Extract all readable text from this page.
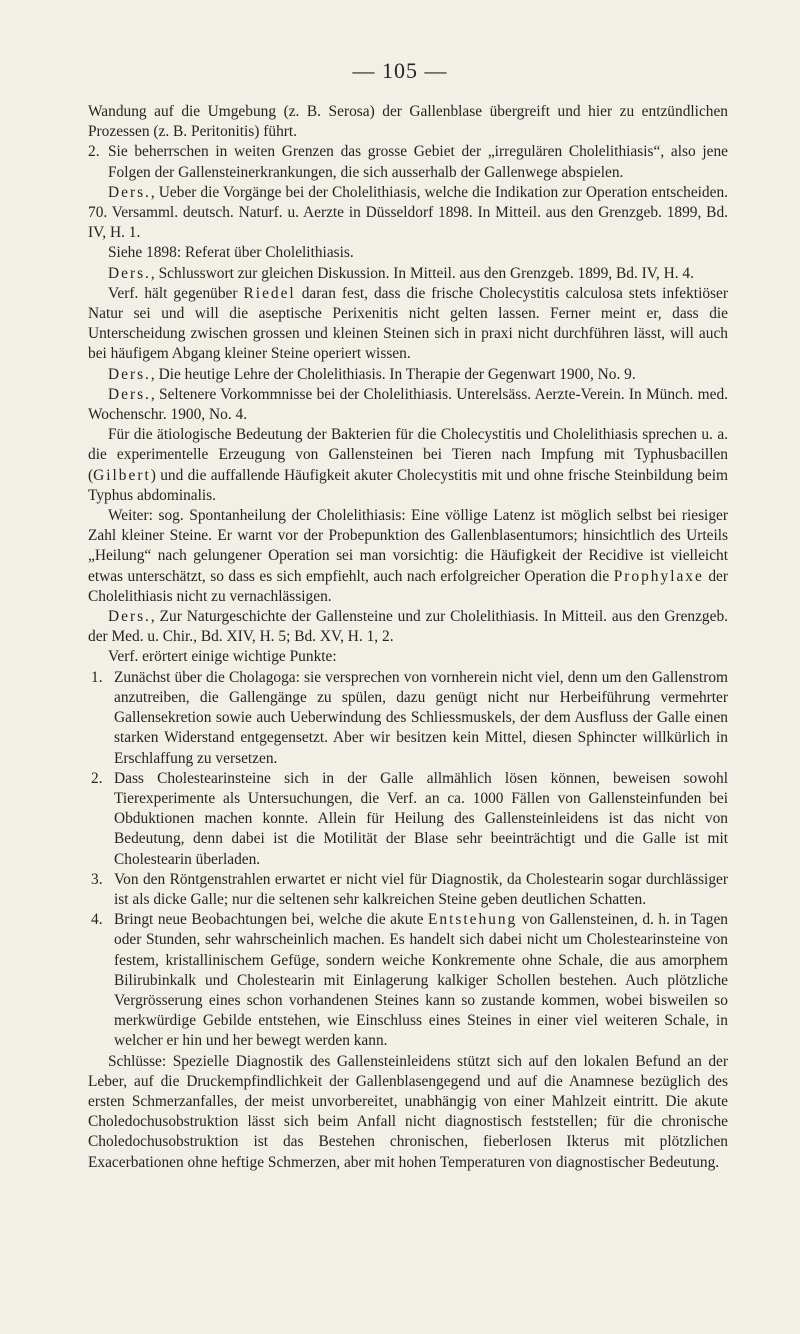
— 105 —

Wandung auf die Umgebung (z. B. Serosa) der Gallenblase übergreift und hier zu entzündlichen Prozessen (z. B. Peritonitis) führt.

2. Sie beherrschen in weiten Grenzen das grosse Gebiet der „irregulären Cholelithiasis“, also jene Folgen der Gallensteinerkrankungen, die sich ausserhalb der Gallenwege abspielen.

Ders., Ueber die Vorgänge bei der Cholelithiasis, welche die Indikation zur Operation entscheiden. 70. Versamml. deutsch. Naturf. u. Aerzte in Düsseldorf 1898. In Mitteil. aus den Grenzgeb. 1899, Bd. IV, H. 1.

Siehe 1898: Referat über Cholelithiasis.

Ders., Schlusswort zur gleichen Diskussion. In Mitteil. aus den Grenzgeb. 1899, Bd. IV, H. 4.

Verf. hält gegenüber Riedel daran fest, dass die frische Cholecystitis calculosa stets infektiöser Natur sei und will die aseptische Perixenitis nicht gelten lassen. Ferner meint er, dass die Unterscheidung zwischen grossen und kleinen Steinen sich in praxi nicht durchführen lässt, will auch bei häufigem Abgang kleiner Steine operiert wissen.

Ders., Die heutige Lehre der Cholelithiasis. In Therapie der Gegenwart 1900, No. 9.

Ders., Seltenere Vorkommnisse bei der Cholelithiasis. Unterelsäss. Aerzte-Verein. In Münch. med. Wochenschr. 1900, No. 4.

Für die ätiologische Bedeutung der Bakterien für die Cholecystitis und Cholelithiasis sprechen u. a. die experimentelle Erzeugung von Gallensteinen bei Tieren nach Impfung mit Typhusbacillen (Gilbert) und die auffallende Häufigkeit akuter Cholecystitis mit und ohne frische Steinbildung beim Typhus abdominalis.

Weiter: sog. Spontanheilung der Cholelithiasis: Eine völlige Latenz ist möglich selbst bei riesiger Zahl kleiner Steine. Er warnt vor der Probepunktion des Gallenblasentumors; hinsichtlich des Urteils „Heilung“ nach gelungener Operation sei man vorsichtig: die Häufigkeit der Recidive ist vielleicht etwas unterschätzt, so dass es sich empfiehlt, auch nach erfolgreicher Operation die Prophylaxe der Cholelithiasis nicht zu vernachlässigen.

Ders., Zur Naturgeschichte der Gallensteine und zur Cholelithiasis. In Mitteil. aus den Grenzgeb. der Med. u. Chir., Bd. XIV, H. 5; Bd. XV, H. 1, 2.

Verf. erörtert einige wichtige Punkte:

1. Zunächst über die Cholagoga: sie versprechen von vornherein nicht viel, denn um den Gallenstrom anzutreiben, die Gallengänge zu spülen, dazu genügt nicht nur Herbeiführung vermehrter Gallensekretion sowie auch Ueberwindung des Schliessmuskels, der dem Ausfluss der Galle einen starken Widerstand entgegensetzt. Aber wir besitzen kein Mittel, diesen Sphincter willkürlich in Erschlaffung zu versetzen.

2. Dass Cholestearinsteine sich in der Galle allmählich lösen können, beweisen sowohl Tierexperimente als Untersuchungen, die Verf. an ca. 1000 Fällen von Gallensteinfunden bei Obduktionen machen konnte. Allein für Heilung des Gallensteinleidens ist das nicht von Bedeutung, denn dabei ist die Motilität der Blase sehr beeinträchtigt und die Galle ist mit Cholestearin überladen.

3. Von den Röntgenstrahlen erwartet er nicht viel für Diagnostik, da Cholestearin sogar durchlässiger ist als dicke Galle; nur die seltenen sehr kalkreichen Steine geben deutlichen Schatten.

4. Bringt neue Beobachtungen bei, welche die akute Entstehung von Gallensteinen, d. h. in Tagen oder Stunden, sehr wahrscheinlich machen. Es handelt sich dabei nicht um Cholestearinsteine von festem, kristallinischem Gefüge, sondern weiche Konkremente ohne Schale, die aus amorphem Bilirubinkalk und Cholestearin mit Einlagerung kalkiger Schollen bestehen. Auch plötzliche Vergrösserung eines schon vorhandenen Steines kann so zustande kommen, wobei bisweilen so merkwürdige Gebilde entstehen, wie Einschluss eines Steines in einer viel weiteren Schale, in welcher er hin und her bewegt werden kann.

Schlüsse: Spezielle Diagnostik des Gallensteinleidens stützt sich auf den lokalen Befund an der Leber, auf die Druckempfindlichkeit der Gallenblasengegend und auf die Anamnese bezüglich des ersten Schmerzanfalles, der meist unvorbereitet, unabhängig von einer Mahlzeit eintritt. Die akute Choledochusobstruktion lässt sich beim Anfall nicht diagnostisch feststellen; für die chronische Choledochusobstruktion ist das Bestehen chronischen, fieberlosen Ikterus mit plötzlichen Exacerbationen ohne heftige Schmerzen, aber mit hohen Temperaturen von diagnostischer Bedeutung.
